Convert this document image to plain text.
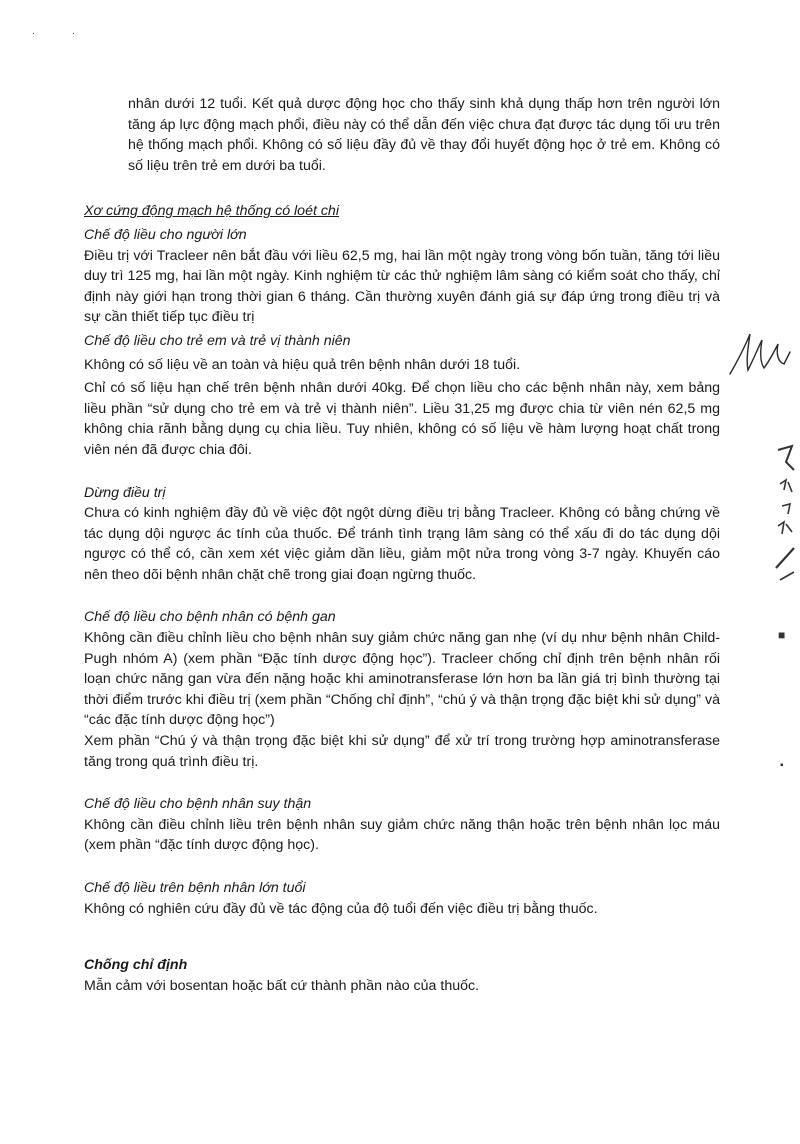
.	.

nhân dưới 12 tuổi. Kết quả dược động học cho thấy sinh khả dụng thấp hơn trên người lớn tăng áp lực động mạch phổi, điều này có thể dẫn đến việc chưa đạt được tác dụng tối ưu trên hệ thống mạch phổi. Không có số liệu đầy đủ về thay đổi huyết động học ở trẻ em. Không có số liệu trên trẻ em dưới ba tuổi.

Xơ cứng động mạch hệ thống có loét chi

Chế độ liều cho người lớn

Điều trị với Tracleer nên bắt đầu với liều 62,5 mg, hai lần một ngày trong vòng bốn tuần, tăng tới liều duy trì 125 mg, hai lần một ngày. Kinh nghiệm từ các thử nghiệm lâm sàng có kiểm soát cho thấy, chỉ định này giới hạn trong thời gian 6 tháng. Cần thường xuyên đánh giá sự đáp ứng trong điều trị và sự cần thiết tiếp tục điều trị

Chế độ liều cho trẻ em và trẻ vị thành niên

Không có số liệu về an toàn và hiệu quả trên bệnh nhân dưới 18 tuổi.

Chỉ có số liệu hạn chế trên bệnh nhân dưới 40kg. Để chọn liều cho các bệnh nhân này, xem bảng liều phần “sử dụng cho trẻ em và trẻ vị thành niên”. Liều 31,25 mg được chia từ viên nén 62,5 mg không chia rãnh bằng dụng cụ chia liều. Tuy nhiên, không có số liệu về hàm lượng hoạt chất trong viên nén đã được chia đôi.

Dừng điều trị

Chưa có kinh nghiệm đầy đủ về việc đột ngột dừng điều trị bằng Tracleer. Không có bằng chứng về tác dụng dội ngược ác tính của thuốc. Để tránh tình trạng lâm sàng có thể xấu đi do tác dụng dội ngược có thể có, cần xem xét việc giảm dần liều, giảm một nửa trong vòng 3-7 ngày. Khuyến cáo nên theo dõi bệnh nhân chặt chẽ trong giai đoạn ngừng thuốc.

Chế độ liều cho bệnh nhân có bệnh gan

Không cần điều chỉnh liều cho bệnh nhân suy giảm chức năng gan nhẹ (ví dụ như bệnh nhân Child-Pugh nhóm A) (xem phần “Đặc tính dược động học”). Tracleer chống chỉ định trên bệnh nhân rối loạn chức năng gan vừa đến nặng hoặc khi aminotransferase lớn hơn ba lần giá trị bình thường tại thời điểm trước khi điều trị (xem phần “Chống chỉ định”, “chú ý và thận trọng đặc biệt khi sử dụng” và “các đặc tính dược động học”)

Xem phần “Chú ý và thận trọng đặc biệt khi sử dụng” để xử trí trong trường hợp aminotransferase tăng trong quá trình điều trị.

Chế độ liều cho bệnh nhân suy thận

Không cần điều chỉnh liều trên bệnh nhân suy giảm chức năng thận hoặc trên bệnh nhân lọc máu (xem phần “đặc tính dược động học).

Chế độ liều trên bệnh nhân lớn tuổi

Không có nghiên cứu đầy đủ về tác động của độ tuổi đến việc điều trị bằng thuốc.

Chống chỉ định

Mẫn cảm với bosentan hoặc bất cứ thành phần nào của thuốc.

■
▪
